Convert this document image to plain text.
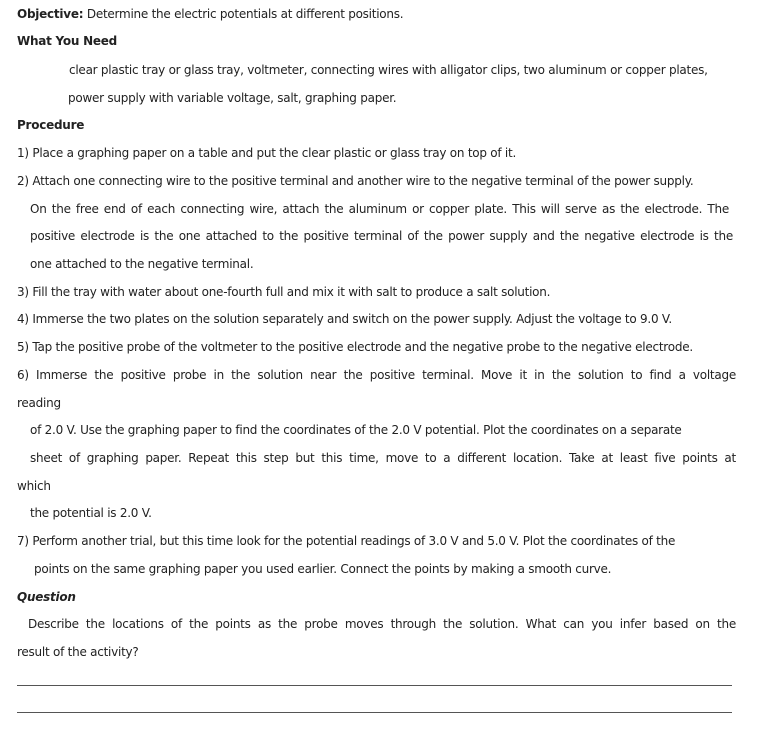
Objective: Determine the electric potentials at different positions.
What You Need
clear plastic tray or glass tray, voltmeter, connecting wires with alligator clips, two aluminum or copper plates,
power supply with variable voltage, salt, graphing paper.
Procedure
1) Place a graphing paper on a table and put the clear plastic or glass tray on top of it.
2) Attach one connecting wire to the positive terminal and another wire to the negative terminal of the power supply.
On the free end of each connecting wire, attach the aluminum or copper plate. This will serve as the electrode. The
positive electrode is the one attached to the positive terminal of the power supply and the negative electrode is the
one attached to the negative terminal.
3) Fill the tray with water about one-fourth full and mix it with salt to produce a salt solution.
4) Immerse the two plates on the solution separately and switch on the power supply. Adjust the voltage to 9.0 V.
5) Tap the positive probe of the voltmeter to the positive electrode and the negative probe to the negative electrode.
6) Immerse the positive probe in the solution near the positive terminal. Move it in the solution to find a voltage
reading
of 2.0 V. Use the graphing paper to find the coordinates of the 2.0 V potential. Plot the coordinates on a separate
sheet of graphing paper. Repeat this step but this time, move to a different location. Take at least five points at
which
the potential is 2.0 V.
7) Perform another trial, but this time look for the potential readings of 3.0 V and 5.0 V. Plot the coordinates of the
points on the same graphing paper you used earlier. Connect the points by making a smooth curve.
Question
Describe the locations of the points as the probe moves through the solution. What can you infer based on the
result of the activity?
